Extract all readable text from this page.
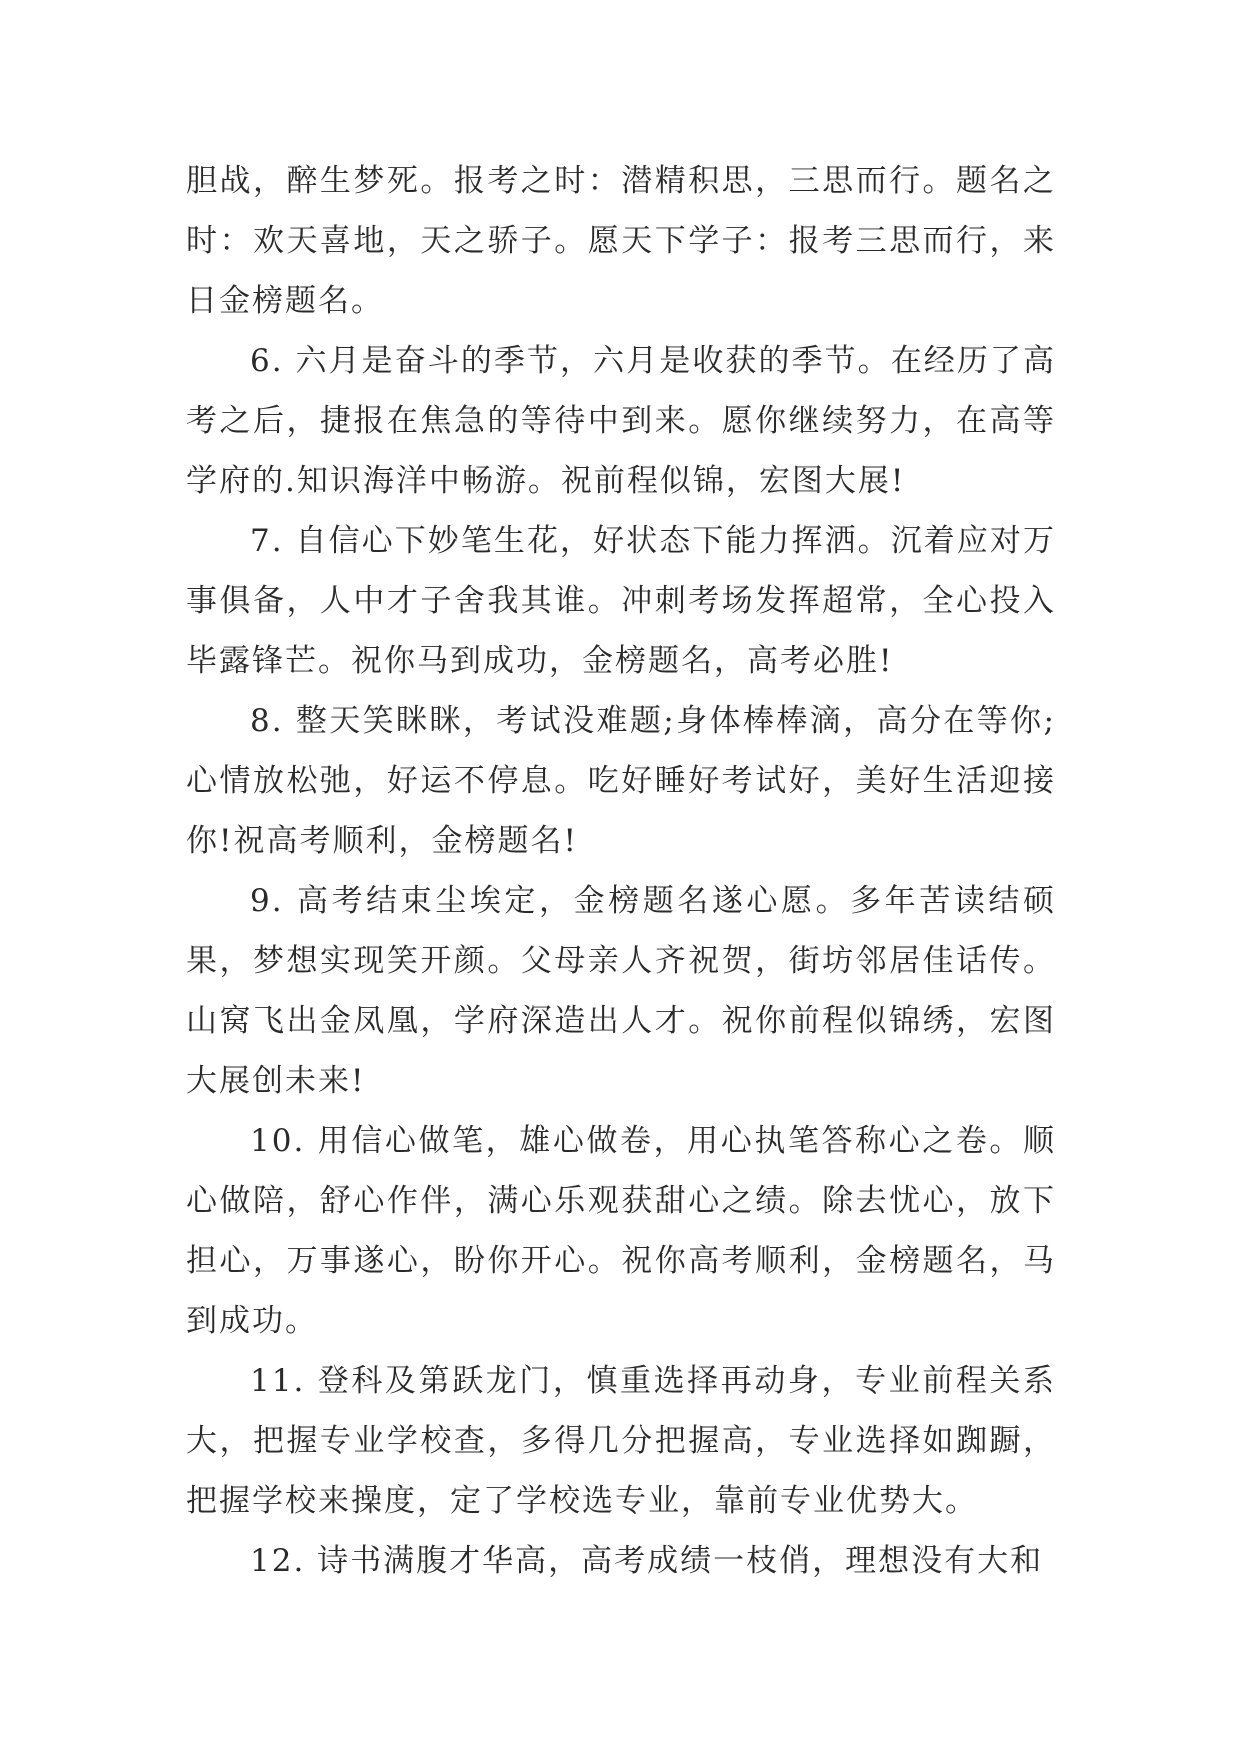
胆战，醉生梦死。报考之时：潜精积思，三思而行。题名之时：欢天喜地，天之骄子。愿天下学子：报考三思而行，来日金榜题名。

6. 六月是奋斗的季节，六月是收获的季节。在经历了高考之后，捷报在焦急的等待中到来。愿你继续努力，在高等学府的.知识海洋中畅游。祝前程似锦，宏图大展!

7. 自信心下妙笔生花，好状态下能力挥洒。沉着应对万事俱备，人中才子舍我其谁。冲刺考场发挥超常，全心投入毕露锋芒。祝你马到成功，金榜题名，高考必胜!

8. 整天笑眯眯，考试没难题;身体棒棒滴，高分在等你;心情放松弛，好运不停息。吃好睡好考试好，美好生活迎接你!祝高考顺利，金榜题名!

9. 高考结束尘埃定，金榜题名遂心愿。多年苦读结硕果，梦想实现笑开颜。父母亲人齐祝贺，街坊邻居佳话传。山窝飞出金凤凰，学府深造出人才。祝你前程似锦绣，宏图大展创未来!

10. 用信心做笔，雄心做卷，用心执笔答称心之卷。顺心做陪，舒心作伴，满心乐观获甜心之绩。除去忧心，放下担心，万事遂心，盼你开心。祝你高考顺利，金榜题名，马到成功。

11. 登科及第跃龙门，慎重选择再动身，专业前程关系大，把握专业学校查，多得几分把握高，专业选择如踟蹰，把握学校来操度，定了学校选专业，靠前专业优势大。

12. 诗书满腹才华高，高考成绩一枝俏，理想没有大和
